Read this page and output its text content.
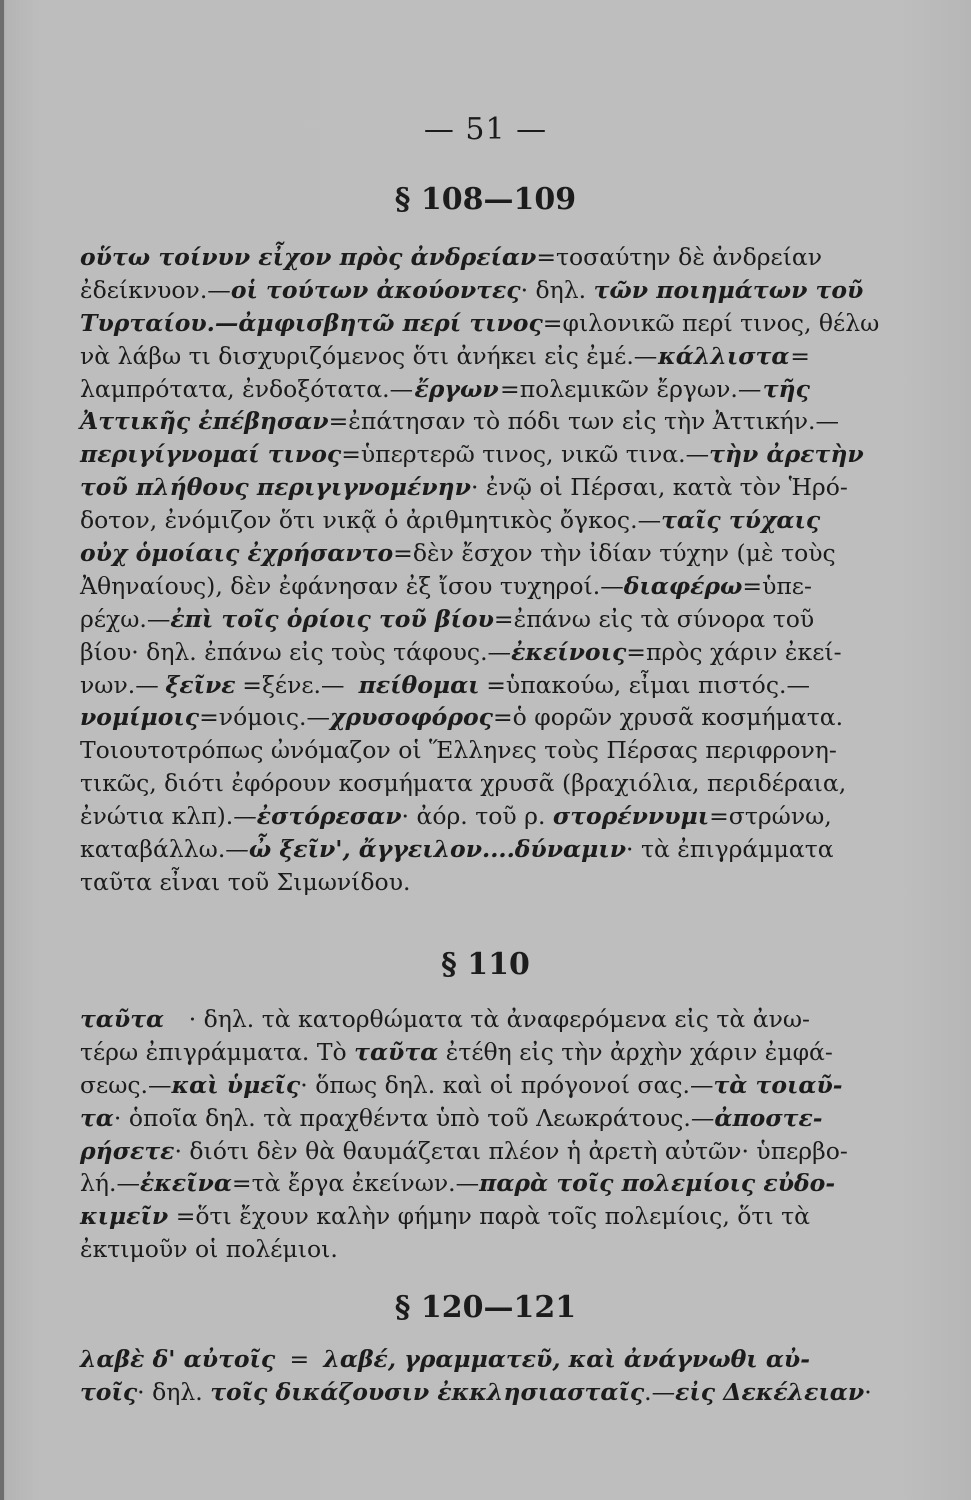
— 51 —
§ 108—109
οὕτω τοίνυν εἶχον πρὸς ἀνδρείαν =τοσαύτην δὲ ἀνδρείαν
ἐδείκνυον.— οἱ τούτων ἀκούοντες · δηλ. τῶν ποιημάτων τοῦ
Τυρταίου.—ἀμφισβητῶ περί τινος =φιλονικῶ περί τινος, θέλω
νὰ λάβω τι δισχυριζόμενος ὅτι ἀνήκει εἰς ἐμέ.— κάλλιστα =
λαμπρότατα, ἐνδοξότατα.— ἔργων =πολεμικῶν ἔργων.— τῆς
Ἀττικῆς ἐπέβησαν =ἐπάτησαν τὸ πόδι των εἰς τὴν Ἀττικήν.—
περιγίγνομαί τινος =ὑπερτερῶ τινος, νικῶ τινα.— τὴν ἀρετὴν
τοῦ πλήθους περιγιγνομένην · ἐνῷ οἱ Πέρσαι, κατὰ τὸν Ἡρό-
δοτον, ἐνόμιζον ὅτι νικᾷ ὁ ἀριθμητικὸς ὄγκος.— ταῖς τύχαις
οὐχ ὁμοίαις ἐχρήσαντο =δὲν ἔσχον τὴν ἰδίαν τύχην (μὲ τοὺς
Ἀθηναίους), δὲν ἐφάνησαν ἐξ ἴσου τυχηροί.— διαφέρω =ὑπε-
ρέχω.— ἐπὶ τοῖς ὁρίοις τοῦ βίου =ἐπάνω εἰς τὰ σύνορα τοῦ
βίου· δηλ. ἐπάνω εἰς τοὺς τάφους.— ἐκείνοις =πρὸς χάριν ἐκεί-
νων.— ξεῖνε =ξένε.— πείθομαι =ὑπακούω, εἶμαι πιστός.—
νομίμοις =νόμοις.— χρυσοφόρος =ὁ φορῶν χρυσᾶ κοσμήματα.
Τοιουτοτρόπως ὠνόμαζον οἱ Ἕλληνες τοὺς Πέρσας περιφρονη-
τικῶς, διότι ἐφόρουν κοσμήματα χρυσᾶ (βραχιόλια, περιδέραια,
ἐνώτια κλπ).— ἐστόρεσαν · ἀόρ. τοῦ ρ. στορέννυμι =στρώνω,
καταβάλλω.— ὦ ξεῖν', ἄγγειλον....δύναμιν · τὰ ἐπιγράμματα
ταῦτα εἶναι τοῦ Σιμωνίδου.
§ 110
ταῦτα · δηλ. τὰ κατορθώματα τὰ ἀναφερόμενα εἰς τὰ ἀνω-
τέρω ἐπιγράμματα. Τὸ ταῦτα ἐτέθη εἰς τὴν ἀρχὴν χάριν ἐμφά-
σεως.— καὶ ὑμεῖς · ὅπως δηλ. καὶ οἱ πρόγονοί σας.— τὰ τοιαῦ-
τα · ὁποῖα δηλ. τὰ πραχθέντα ὑπὸ τοῦ Λεωκράτους.— ἀποστε-
ρήσετε · διότι δὲν θὰ θαυμάζεται πλέον ἡ ἀρετὴ αὐτῶν· ὑπερβο-
λή.— ἐκεῖνα =τὰ ἔργα ἐκείνων.— παρὰ τοῖς πολεμίοις εὐδο-
κιμεῖν =ὅτι ἔχουν καλὴν φήμην παρὰ τοῖς πολεμίοις, ὅτι τὰ
ἐκτιμοῦν οἱ πολέμιοι.
§ 120—121
λαβὲ δ' αὐτοῖς = λαβέ, γραμματεῦ, καὶ ἀνάγνωθι αὐ-
τοῖς · δηλ. τοῖς δικάζουσιν ἐκκλησιασταῖς .— εἰς Δεκέλειαν ·
